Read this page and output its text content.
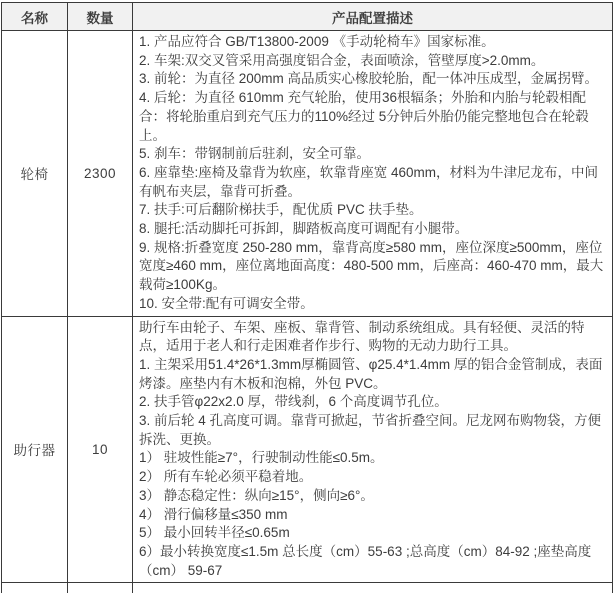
名称	数量	产品配置描述
轮椅	2300	
1. 产品应符合 GB/T13800-2009 《手动轮椅车》国家标准。
2. 车架:双交叉管采用高强度铝合金，表面喷涂，管壁厚度>2.0mm。
3. 前轮：为直径 200mm 高品质实心橡胶轮胎，配一体冲压成型，金属拐臂。
4. 后轮：为直径 610mm 充气轮胎，使用36根辐条；外胎和内胎与轮毂相配合：将轮胎重启到充气压力的110%经过 5分钟后外胎仍能完整地包合在轮毂上。
5. 刹车：带钢制前后驻刹，安全可靠。
6. 座靠垫:座椅及靠背为软座，软靠背座宽 460mm，材料为牛津尼龙布，中间有帆布夹层，靠背可折叠。
7. 扶手:可后翻阶梯扶手，配优质 PVC 扶手垫。
8. 腿托:活动脚托可拆卸，脚踏板高度可调配有小腿带。
9. 规格:折叠宽度 250-280 mm，靠背高度≥580 mm，座位深度≥500mm，座位宽度≥460 mm，座位离地面高度：480-500 mm，后座高：460-470 mm，最大载荷≥100Kg。
10. 安全带:配有可调安全带。

助行器	10	
助行车由轮子、车架、座板、靠背管、制动系统组成。具有轻便、灵活的特点，适用于老人和行走困难者作步行、购物的无动力助行工具。
1. 主架采用51.4*26*1.3mm厚椭圆管、φ25.4*1.4mm 厚的铝合金管制成，表面烤漆。座垫内有木板和泡棉，外包 PVC。
2. 扶手管φ22x2.0 厚，带线刹，6 个高度调节孔位。
3. 前后轮 4 孔高度可调。靠背可掀起，节省折叠空间。尼龙网布购物袋，方便拆洗、更换。
1） 驻坡性能≥7°，行驶制动性能≤0.5m。
2） 所有车轮必须平稳着地。
3） 静态稳定性：纵向≥15°，侧向≥6°。
4） 滑行偏移量≤350 mm
5） 最小回转半径≤0.65m
6）最小转换宽度≤1.5m 总长度（cm）55-63 ;总高度（cm）84-92 ;座垫高度（cm） 59-67
